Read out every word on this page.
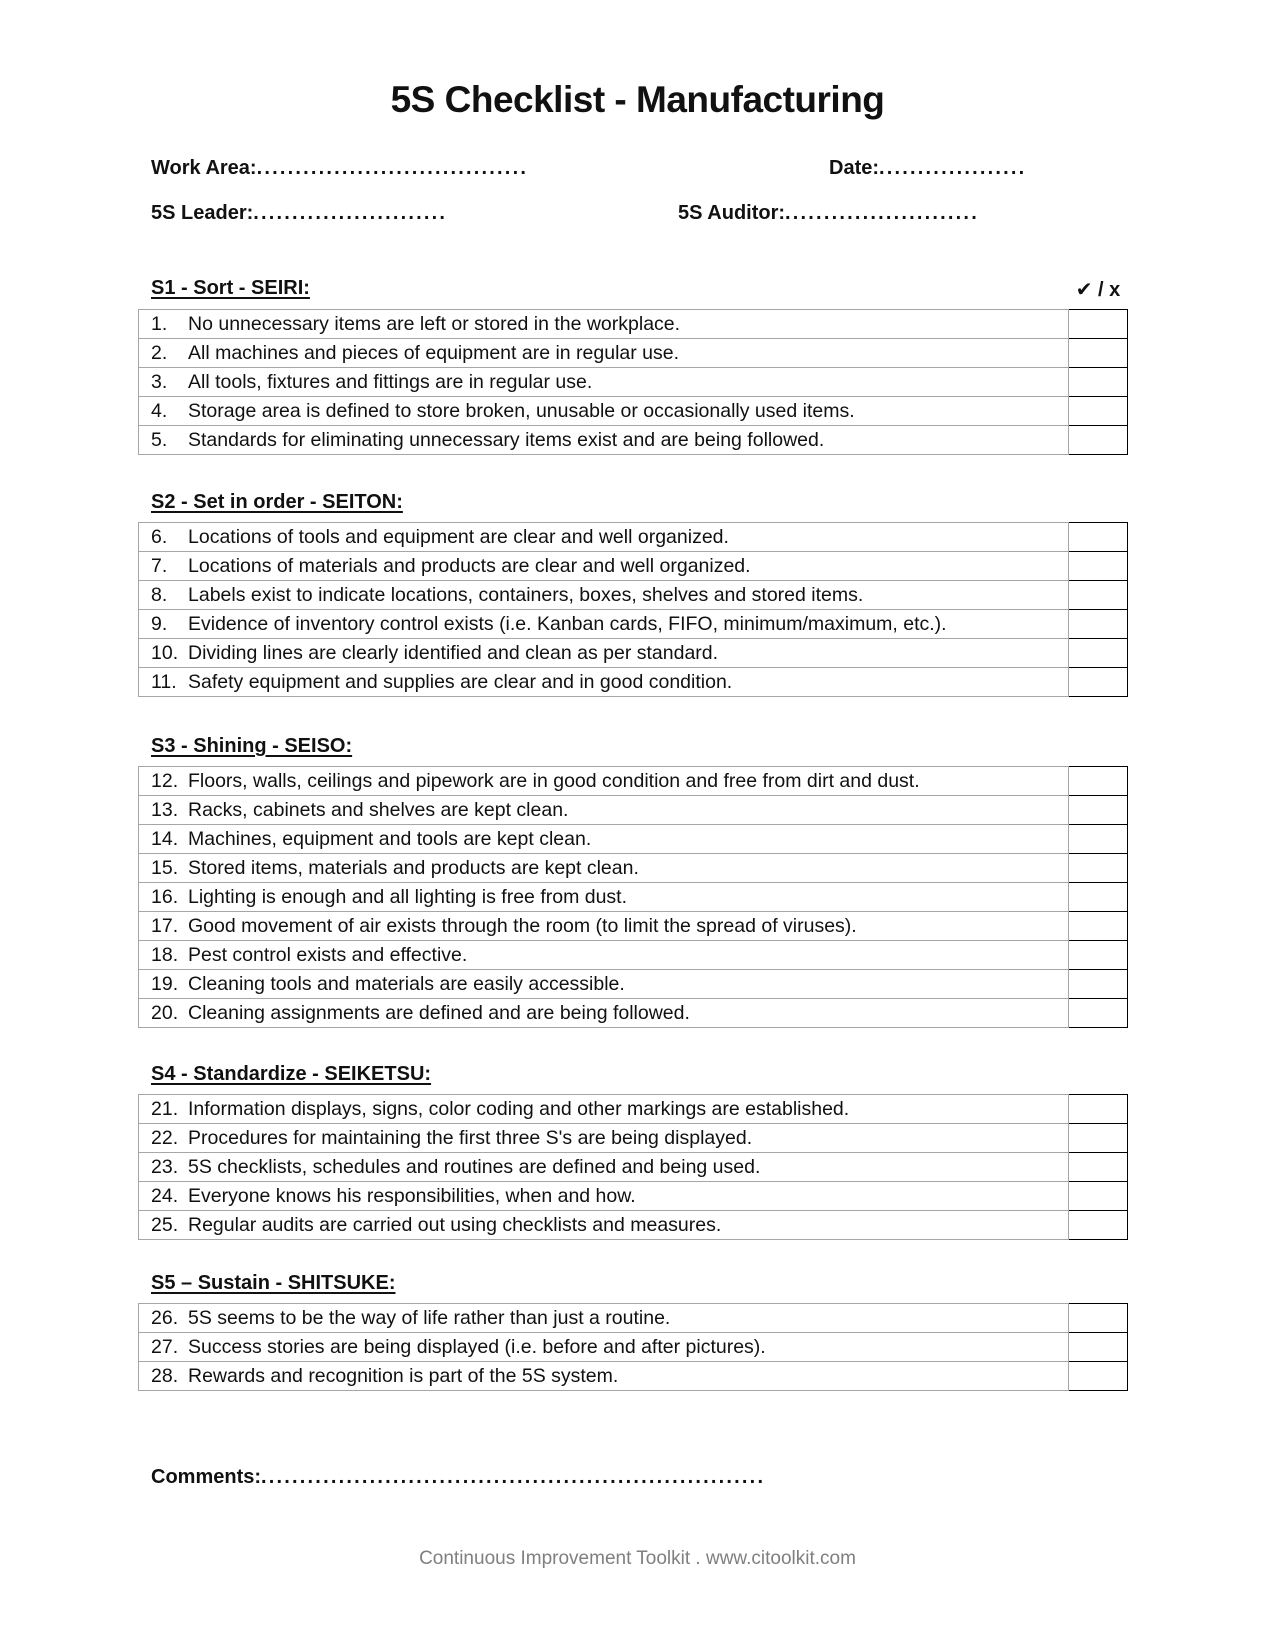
5S Checklist - Manufacturing
Work Area:...................................	Date:...................
5S Leader:.........................	5S Auditor:.........................
✔ / x
S1 - Sort - SEIRI:
1. No unnecessary items are left or stored in the workplace.	
2. All machines and pieces of equipment are in regular use.	
3. All tools, fixtures and fittings are in regular use.	
4. Storage area is defined to store broken, unusable or occasionally used items.	
5. Standards for eliminating unnecessary items exist and are being followed.	
S2 - Set in order - SEITON:
6. Locations of tools and equipment are clear and well organized.	
7. Locations of materials and products are clear and well organized.	
8. Labels exist to indicate locations, containers, boxes, shelves and stored items.	
9. Evidence of inventory control exists (i.e. Kanban cards, FIFO, minimum/maximum, etc.).	
10. Dividing lines are clearly identified and clean as per standard.	
11. Safety equipment and supplies are clear and in good condition.	
S3 - Shining - SEISO:
12. Floors, walls, ceilings and pipework are in good condition and free from dirt and dust.	
13. Racks, cabinets and shelves are kept clean.	
14. Machines, equipment and tools are kept clean.	
15. Stored items, materials and products are kept clean.	
16. Lighting is enough and all lighting is free from dust.	
17. Good movement of air exists through the room (to limit the spread of viruses).	
18. Pest control exists and effective.	
19. Cleaning tools and materials are easily accessible.	
20. Cleaning assignments are defined and are being followed.	
S4 - Standardize - SEIKETSU:
21. Information displays, signs, color coding and other markings are established.	
22. Procedures for maintaining the first three S's are being displayed.	
23. 5S checklists, schedules and routines are defined and being used.	
24. Everyone knows his responsibilities, when and how.	
25. Regular audits are carried out using checklists and measures.	
S5 – Sustain - SHITSUKE:
26. 5S seems to be the way of life rather than just a routine.	
27. Success stories are being displayed (i.e. before and after pictures).	
28. Rewards and recognition is part of the 5S system.	
Comments:.................................................................
Continuous Improvement Toolkit . www.citoolkit.com
